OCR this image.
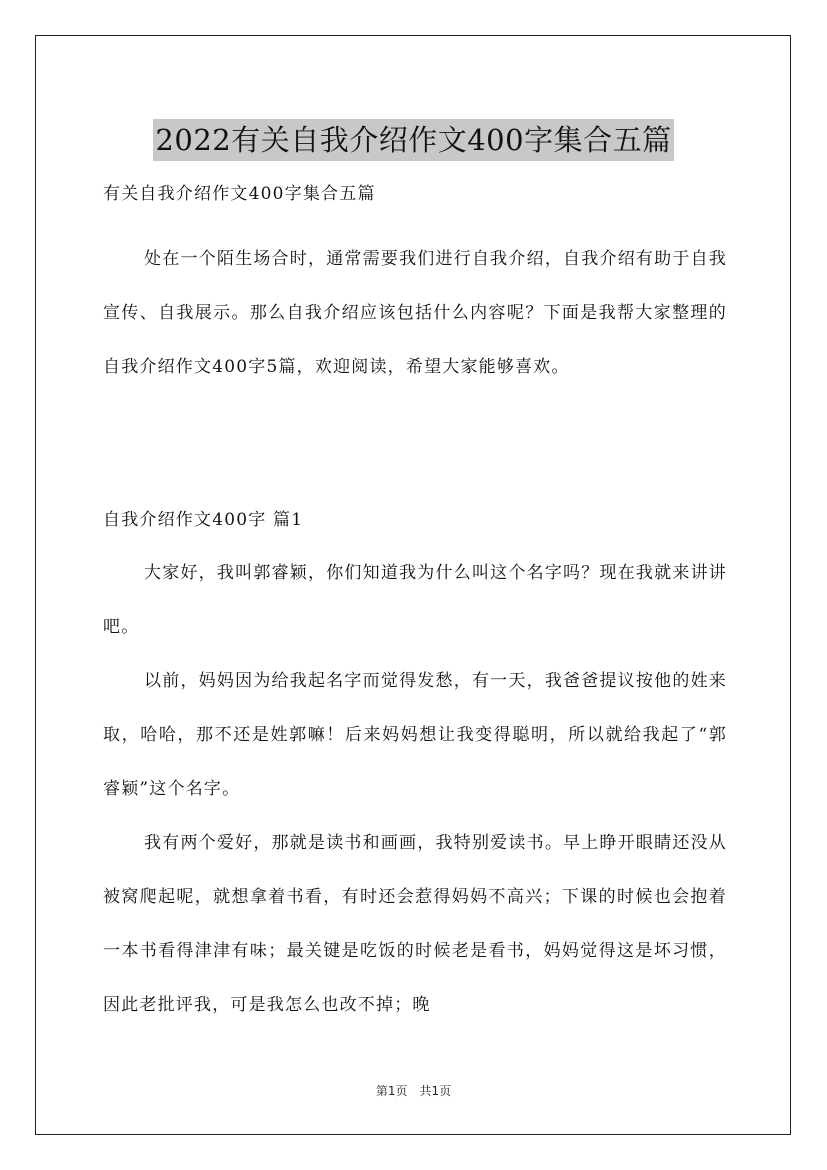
2022有关自我介绍作文400字集合五篇
有关自我介绍作文400字集合五篇
处在一个陌生场合时，通常需要我们进行自我介绍，自我介绍有助于自我宣传、自我展示。那么自我介绍应该包括什么内容呢？下面是我帮大家整理的自我介绍作文400字5篇，欢迎阅读，希望大家能够喜欢。
自我介绍作文400字 篇1

大家好，我叫郭睿颖，你们知道我为什么叫这个名字吗？现在我就来讲讲吧。

以前，妈妈因为给我起名字而觉得发愁，有一天，我爸爸提议按他的姓来取，哈哈，那不还是姓郭嘛！后来妈妈想让我变得聪明，所以就给我起了“郭睿颖”这个名字。

我有两个爱好，那就是读书和画画，我特别爱读书。早上睁开眼睛还没从被窝爬起呢，就想拿着书看，有时还会惹得妈妈不高兴；下课的时候也会抱着一本书看得津津有味；最关键是吃饭的时候老是看书，妈妈觉得这是坏习惯，因此老批评我，可是我怎么也改不掉；晚

第1页　共1页
